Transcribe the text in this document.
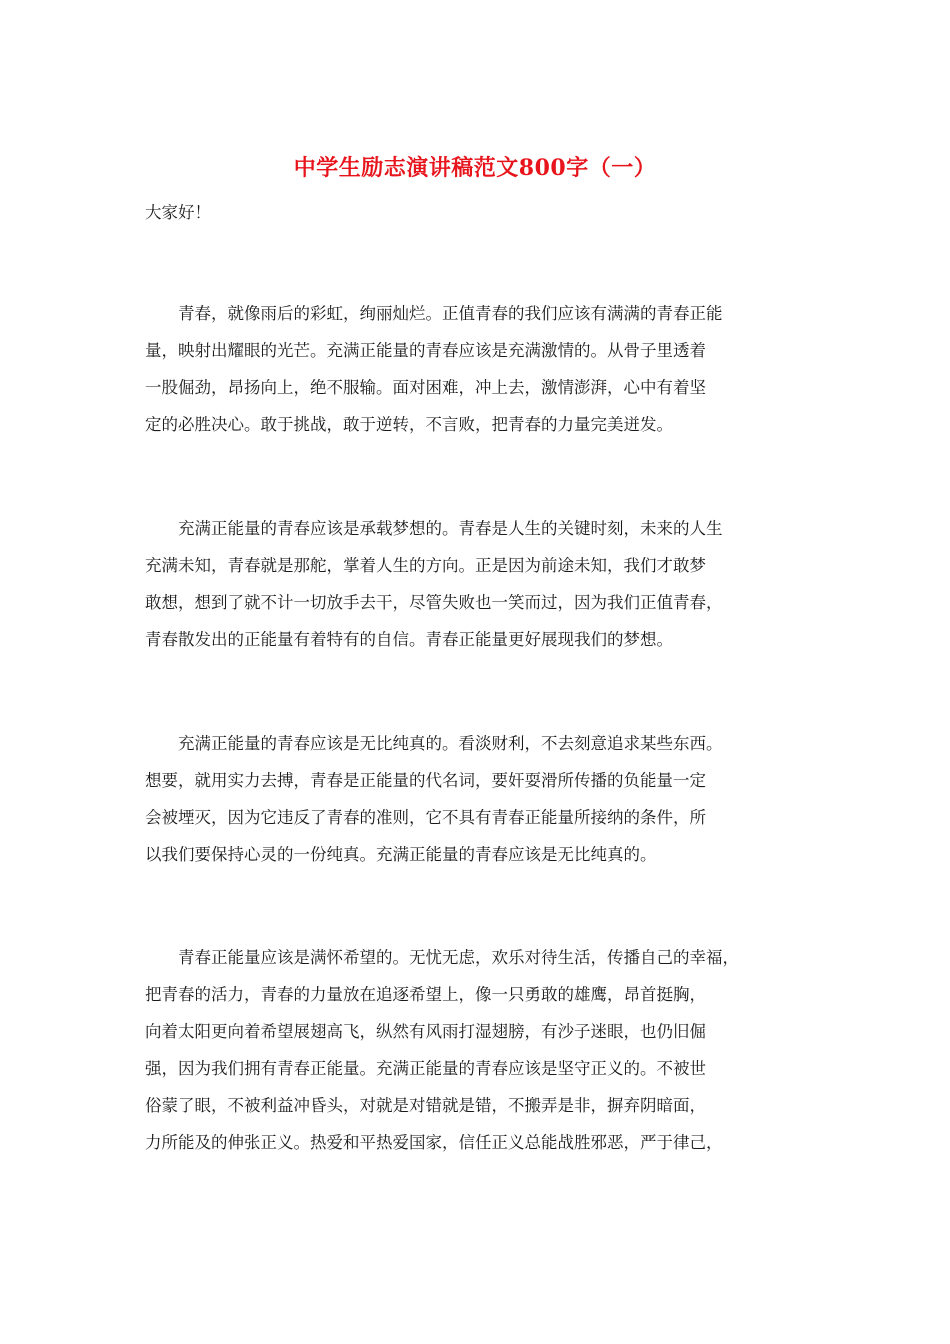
中学生励志演讲稿范文800字（一）
大家好！
　　青春，就像雨后的彩虹，绚丽灿烂。正值青春的我们应该有满满的青春正能
量，映射出耀眼的光芒。充满正能量的青春应该是充满激情的。从骨子里透着
一股倔劲，昂扬向上，绝不服输。面对困难，冲上去，激情澎湃，心中有着坚
定的必胜决心。敢于挑战，敢于逆转，不言败，把青春的力量完美迸发。
　　充满正能量的青春应该是承载梦想的。青春是人生的关键时刻，未来的人生
充满未知，青春就是那舵，掌着人生的方向。正是因为前途未知，我们才敢梦
敢想，想到了就不计一切放手去干，尽管失败也一笑而过，因为我们正值青春，
青春散发出的正能量有着特有的自信。青春正能量更好展现我们的梦想。
　　充满正能量的青春应该是无比纯真的。看淡财利，不去刻意追求某些东西。
想要，就用实力去搏，青春是正能量的代名词，要奸耍滑所传播的负能量一定
会被堙灭，因为它违反了青春的准则，它不具有青春正能量所接纳的条件，所
以我们要保持心灵的一份纯真。充满正能量的青春应该是无比纯真的。
　　青春正能量应该是满怀希望的。无忧无虑，欢乐对待生活，传播自己的幸福，
把青春的活力，青春的力量放在追逐希望上，像一只勇敢的雄鹰，昂首挺胸，
向着太阳更向着希望展翅高飞，纵然有风雨打湿翅膀，有沙子迷眼，也仍旧倔
强，因为我们拥有青春正能量。充满正能量的青春应该是坚守正义的。不被世
俗蒙了眼，不被利益冲昏头，对就是对错就是错，不搬弄是非，摒弃阴暗面，
力所能及的伸张正义。热爱和平热爱国家，信任正义总能战胜邪恶，严于律己，
